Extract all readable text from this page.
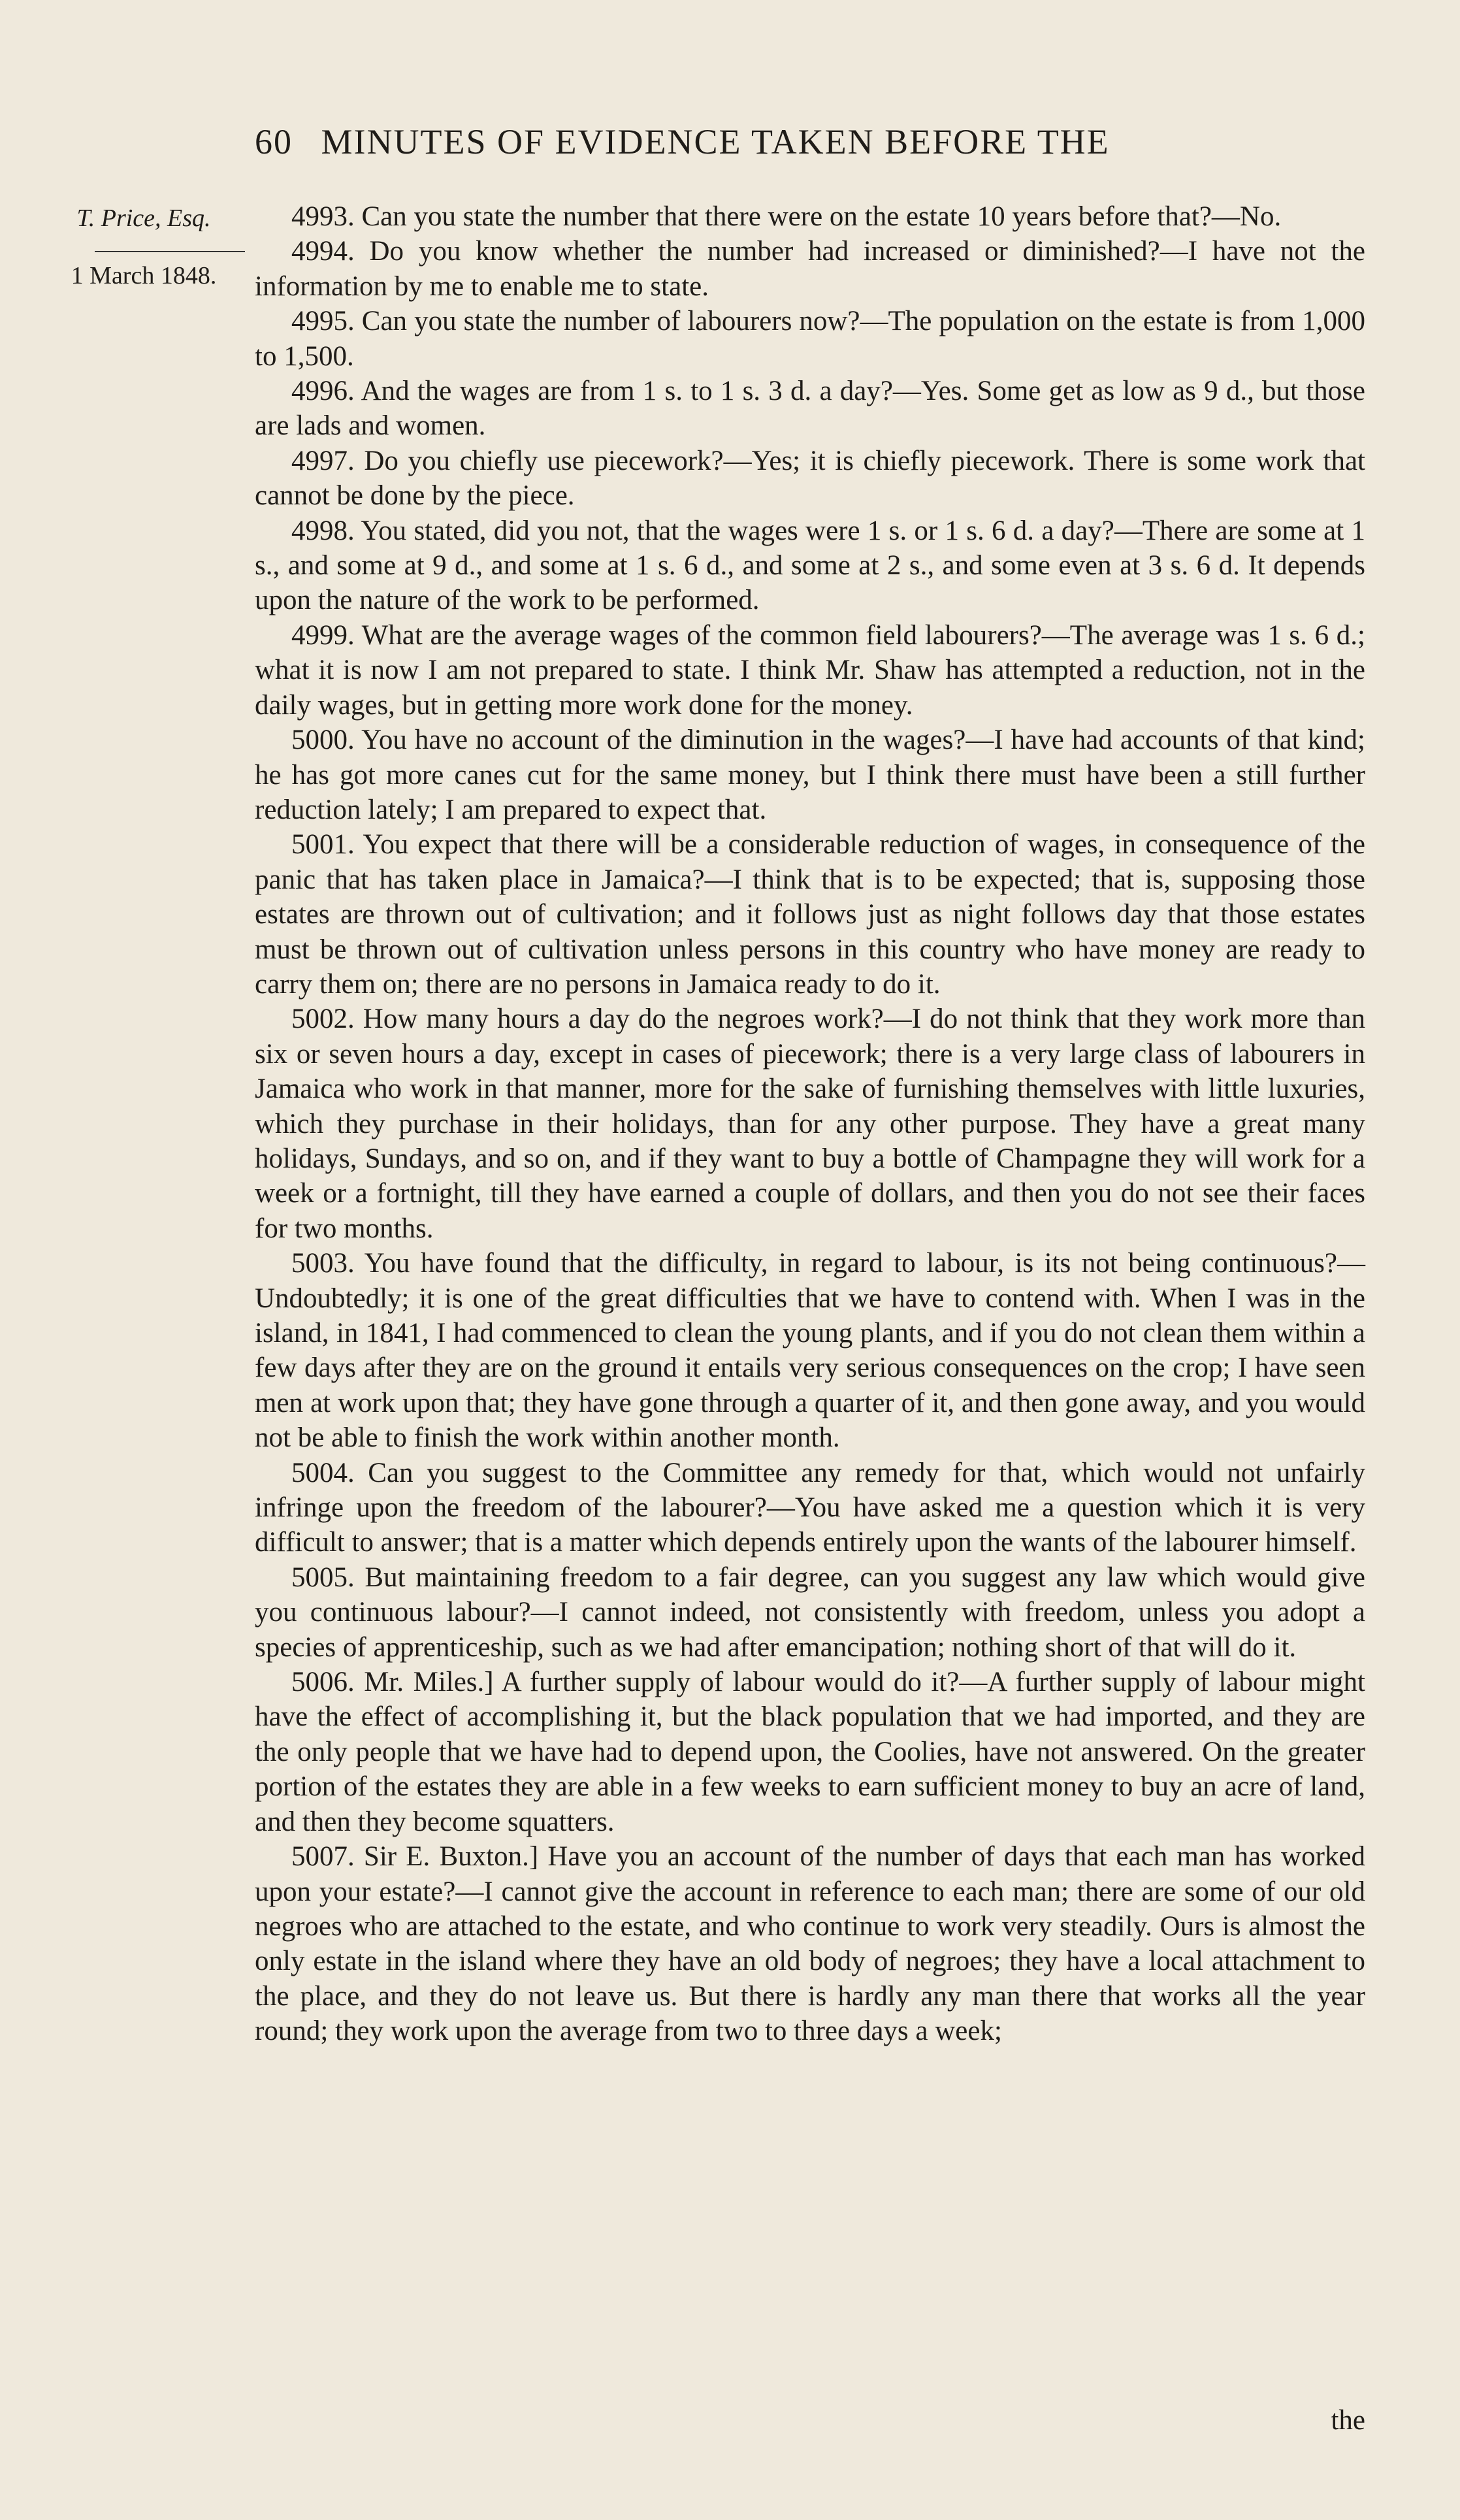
60 MINUTES OF EVIDENCE TAKEN BEFORE THE
T. Price, Esq.
1 March 1848.

4993. Can you state the number that there were on the estate 10 years before that?—No.

4994. Do you know whether the number had increased or diminished?—I have not the information by me to enable me to state.

4995. Can you state the number of labourers now?—The population on the estate is from 1,000 to 1,500.

4996. And the wages are from 1 s. to 1 s. 3 d. a day?—Yes. Some get as low as 9 d., but those are lads and women.

4997. Do you chiefly use piecework?—Yes; it is chiefly piecework. There is some work that cannot be done by the piece.

4998. You stated, did you not, that the wages were 1 s. or 1 s. 6 d. a day?—There are some at 1 s., and some at 9 d., and some at 1 s. 6 d., and some at 2 s., and some even at 3 s. 6 d. It depends upon the nature of the work to be performed.

4999. What are the average wages of the common field labourers?—The average was 1 s. 6 d.; what it is now I am not prepared to state. I think Mr. Shaw has attempted a reduction, not in the daily wages, but in getting more work done for the money.

5000. You have no account of the diminution in the wages?—I have had accounts of that kind; he has got more canes cut for the same money, but I think there must have been a still further reduction lately; I am prepared to expect that.

5001. You expect that there will be a considerable reduction of wages, in consequence of the panic that has taken place in Jamaica?—I think that is to be expected; that is, supposing those estates are thrown out of cultivation; and it follows just as night follows day that those estates must be thrown out of cultivation unless persons in this country who have money are ready to carry them on; there are no persons in Jamaica ready to do it.

5002. How many hours a day do the negroes work?—I do not think that they work more than six or seven hours a day, except in cases of piecework; there is a very large class of labourers in Jamaica who work in that manner, more for the sake of furnishing themselves with little luxuries, which they purchase in their holidays, than for any other purpose. They have a great many holidays, Sundays, and so on, and if they want to buy a bottle of Champagne they will work for a week or a fortnight, till they have earned a couple of dollars, and then you do not see their faces for two months.

5003. You have found that the difficulty, in regard to labour, is its not being continuous?—Undoubtedly; it is one of the great difficulties that we have to contend with. When I was in the island, in 1841, I had commenced to clean the young plants, and if you do not clean them within a few days after they are on the ground it entails very serious consequences on the crop; I have seen men at work upon that; they have gone through a quarter of it, and then gone away, and you would not be able to finish the work within another month.

5004. Can you suggest to the Committee any remedy for that, which would not unfairly infringe upon the freedom of the labourer?—You have asked me a question which it is very difficult to answer; that is a matter which depends entirely upon the wants of the labourer himself.

5005. But maintaining freedom to a fair degree, can you suggest any law which would give you continuous labour?—I cannot indeed, not consistently with freedom, unless you adopt a species of apprenticeship, such as we had after emancipation; nothing short of that will do it.

5006. Mr. Miles.] A further supply of labour would do it?—A further supply of labour might have the effect of accomplishing it, but the black population that we had imported, and they are the only people that we have had to depend upon, the Coolies, have not answered. On the greater portion of the estates they are able in a few weeks to earn sufficient money to buy an acre of land, and then they become squatters.

5007. Sir E. Buxton.] Have you an account of the number of days that each man has worked upon your estate?—I cannot give the account in reference to each man; there are some of our old negroes who are attached to the estate, and who continue to work very steadily. Ours is almost the only estate in the island where they have an old body of negroes; they have a local attachment to the place, and they do not leave us. But there is hardly any man there that works all the year round; they work upon the average from two to three days a week;

the
